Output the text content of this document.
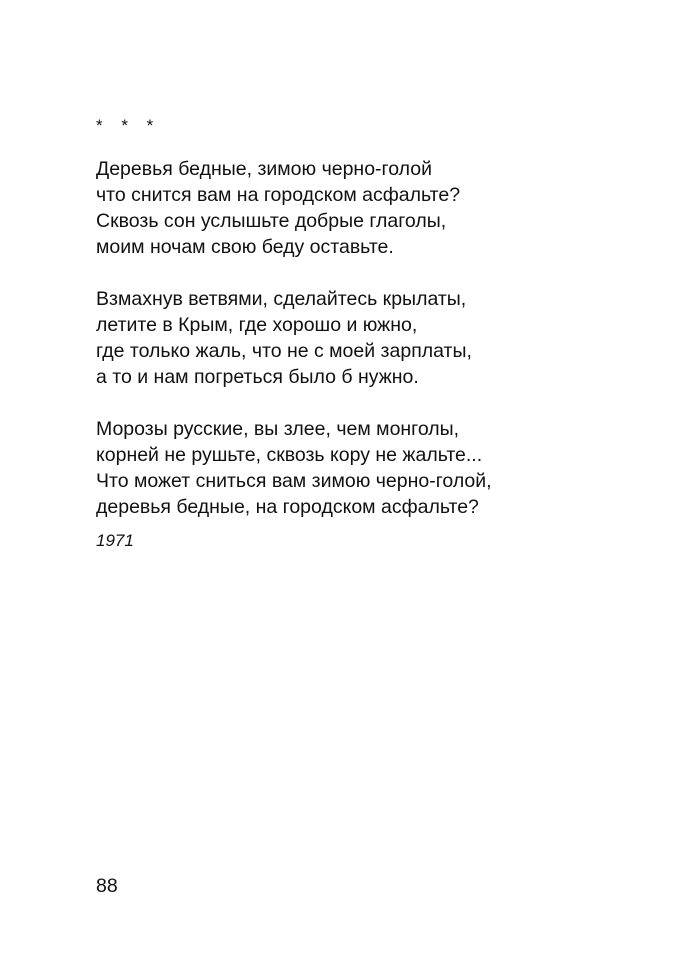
* * *
Деревья бедные, зимою черно-голой
что снится вам на городском асфальте?
Сквозь сон услышьте добрые глаголы,
моим ночам свою беду оставьте.
Взмахнув ветвями, сделайтесь крылаты,
летите в Крым, где хорошо и южно,
где только жаль, что не с моей зарплаты,
а то и нам погреться было б нужно.
Морозы русские, вы злее, чем монголы,
корней не рушьте, сквозь кору не жальте...
Что может сниться вам зимою черно-голой,
деревья бедные, на городском асфальте?
1971
88
